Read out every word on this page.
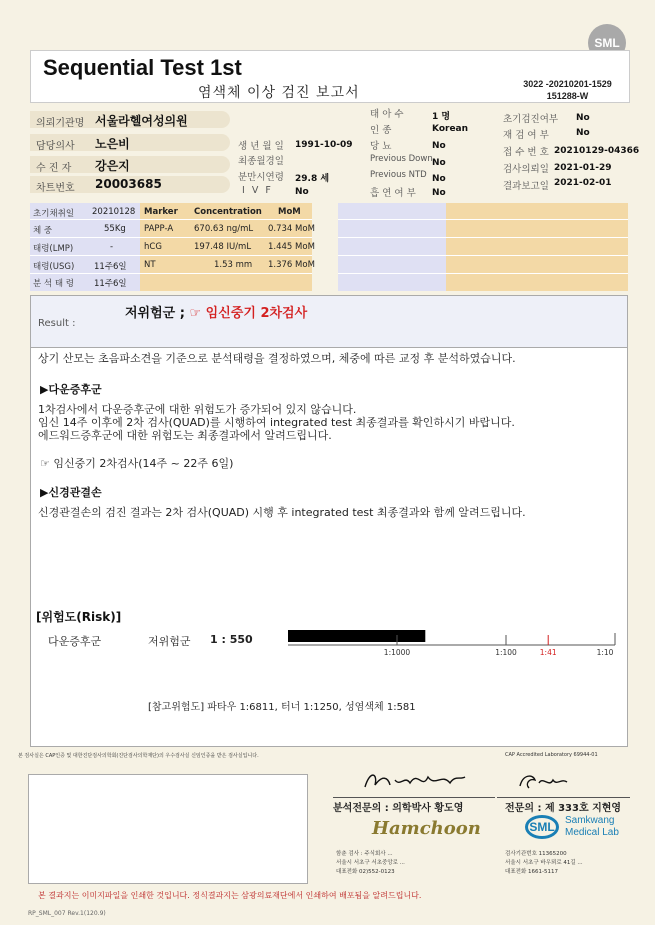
SML
Sequential Test 1st
염색체 이상 검진 보고서
3022 -20210201-1529
151288-W
의뢰기관명 서울라헬여성의원
담당의사 노은비
수 진 자 강은지
차트번호 20003685
생 년 월 일 1991-10-09
최종월경일
분만시연령 29.8 세
I V F No
태 아 수	1 명
인 종	Korean
당 뇨	No
Previous Down No
Previous NTD No
흡 연 여 부 No
초기검진여부 No
재 검 여 부	No
접 수 번 호 20210129-04366
검사의뢰일 2021-01-29
결과보고일 2021-02-01
초기채취일 20210128
체 중	55Kg
태령(LMP)	-
태령(USG) 11주6일
분 석 태 령 11주6일
Marker Concentration MoM
PAPP-A 670.63 ng/mL 0.734 MoM
hCG	197.48 IU/mL 1.445 MoM
NT	1.53 mm 1.376 MoM
Result :
저위험군 ; ☞ 임신중기 2차검사
상기 산모는 초음파소견을 기준으로 분석태령을 결정하였으며, 체중에 따른 교정 후 분석하였습니다.
▶다운증후군
1차검사에서 다운증후군에 대한 위험도가 증가되어 있지 않습니다.
임신 14주 이후에 2차 검사(QUAD)를 시행하여 integrated test 최종결과를 확인하시기 바랍니다.
에드워드증후군에 대한 위험도는 최종결과에서 알려드립니다.
☞ 임신중기 2차검사(14주 ~ 22주 6일)
▶신경관결손
신경관결손의 검진 결과는 2차 검사(QUAD) 시행 후 integrated test 최종결과와 함께 알려드립니다.
[위험도(Risk)]
다운증후군	저위험군 1 : 550
1:1000	1:100	1:41	1:10
[참고위험도] 파타우 1:6811, 터너 1:1250, 성염색체 1:581
본 검사실은 CAP인증 및 대한진단검사의학회(진단검사의학재단)의 우수검사실 신임인증을 받은 검사실입니다.	CAP Accredited Laboratory 69944-01
분석전문의 : 의학박사 황도영	전문의 : 제 333호 지현영
Hamchoon	SML	Samkwang
Medical Lab
함춘 검사 : 주식회사 ...
서울시 서초구 서초중앙로 ...
대표전화 02)552-0123
검사기관번호 11365200
서울시 서초구 바우뫼로 41길 ...
대표전화 1661-5117
본 결과지는 이미지파일을 인쇄한 것입니다. 정식결과지는 삼광의료재단에서 인쇄하여 배포됨을 알려드립니다.
RP_SML_007 Rev.1(120.9)
